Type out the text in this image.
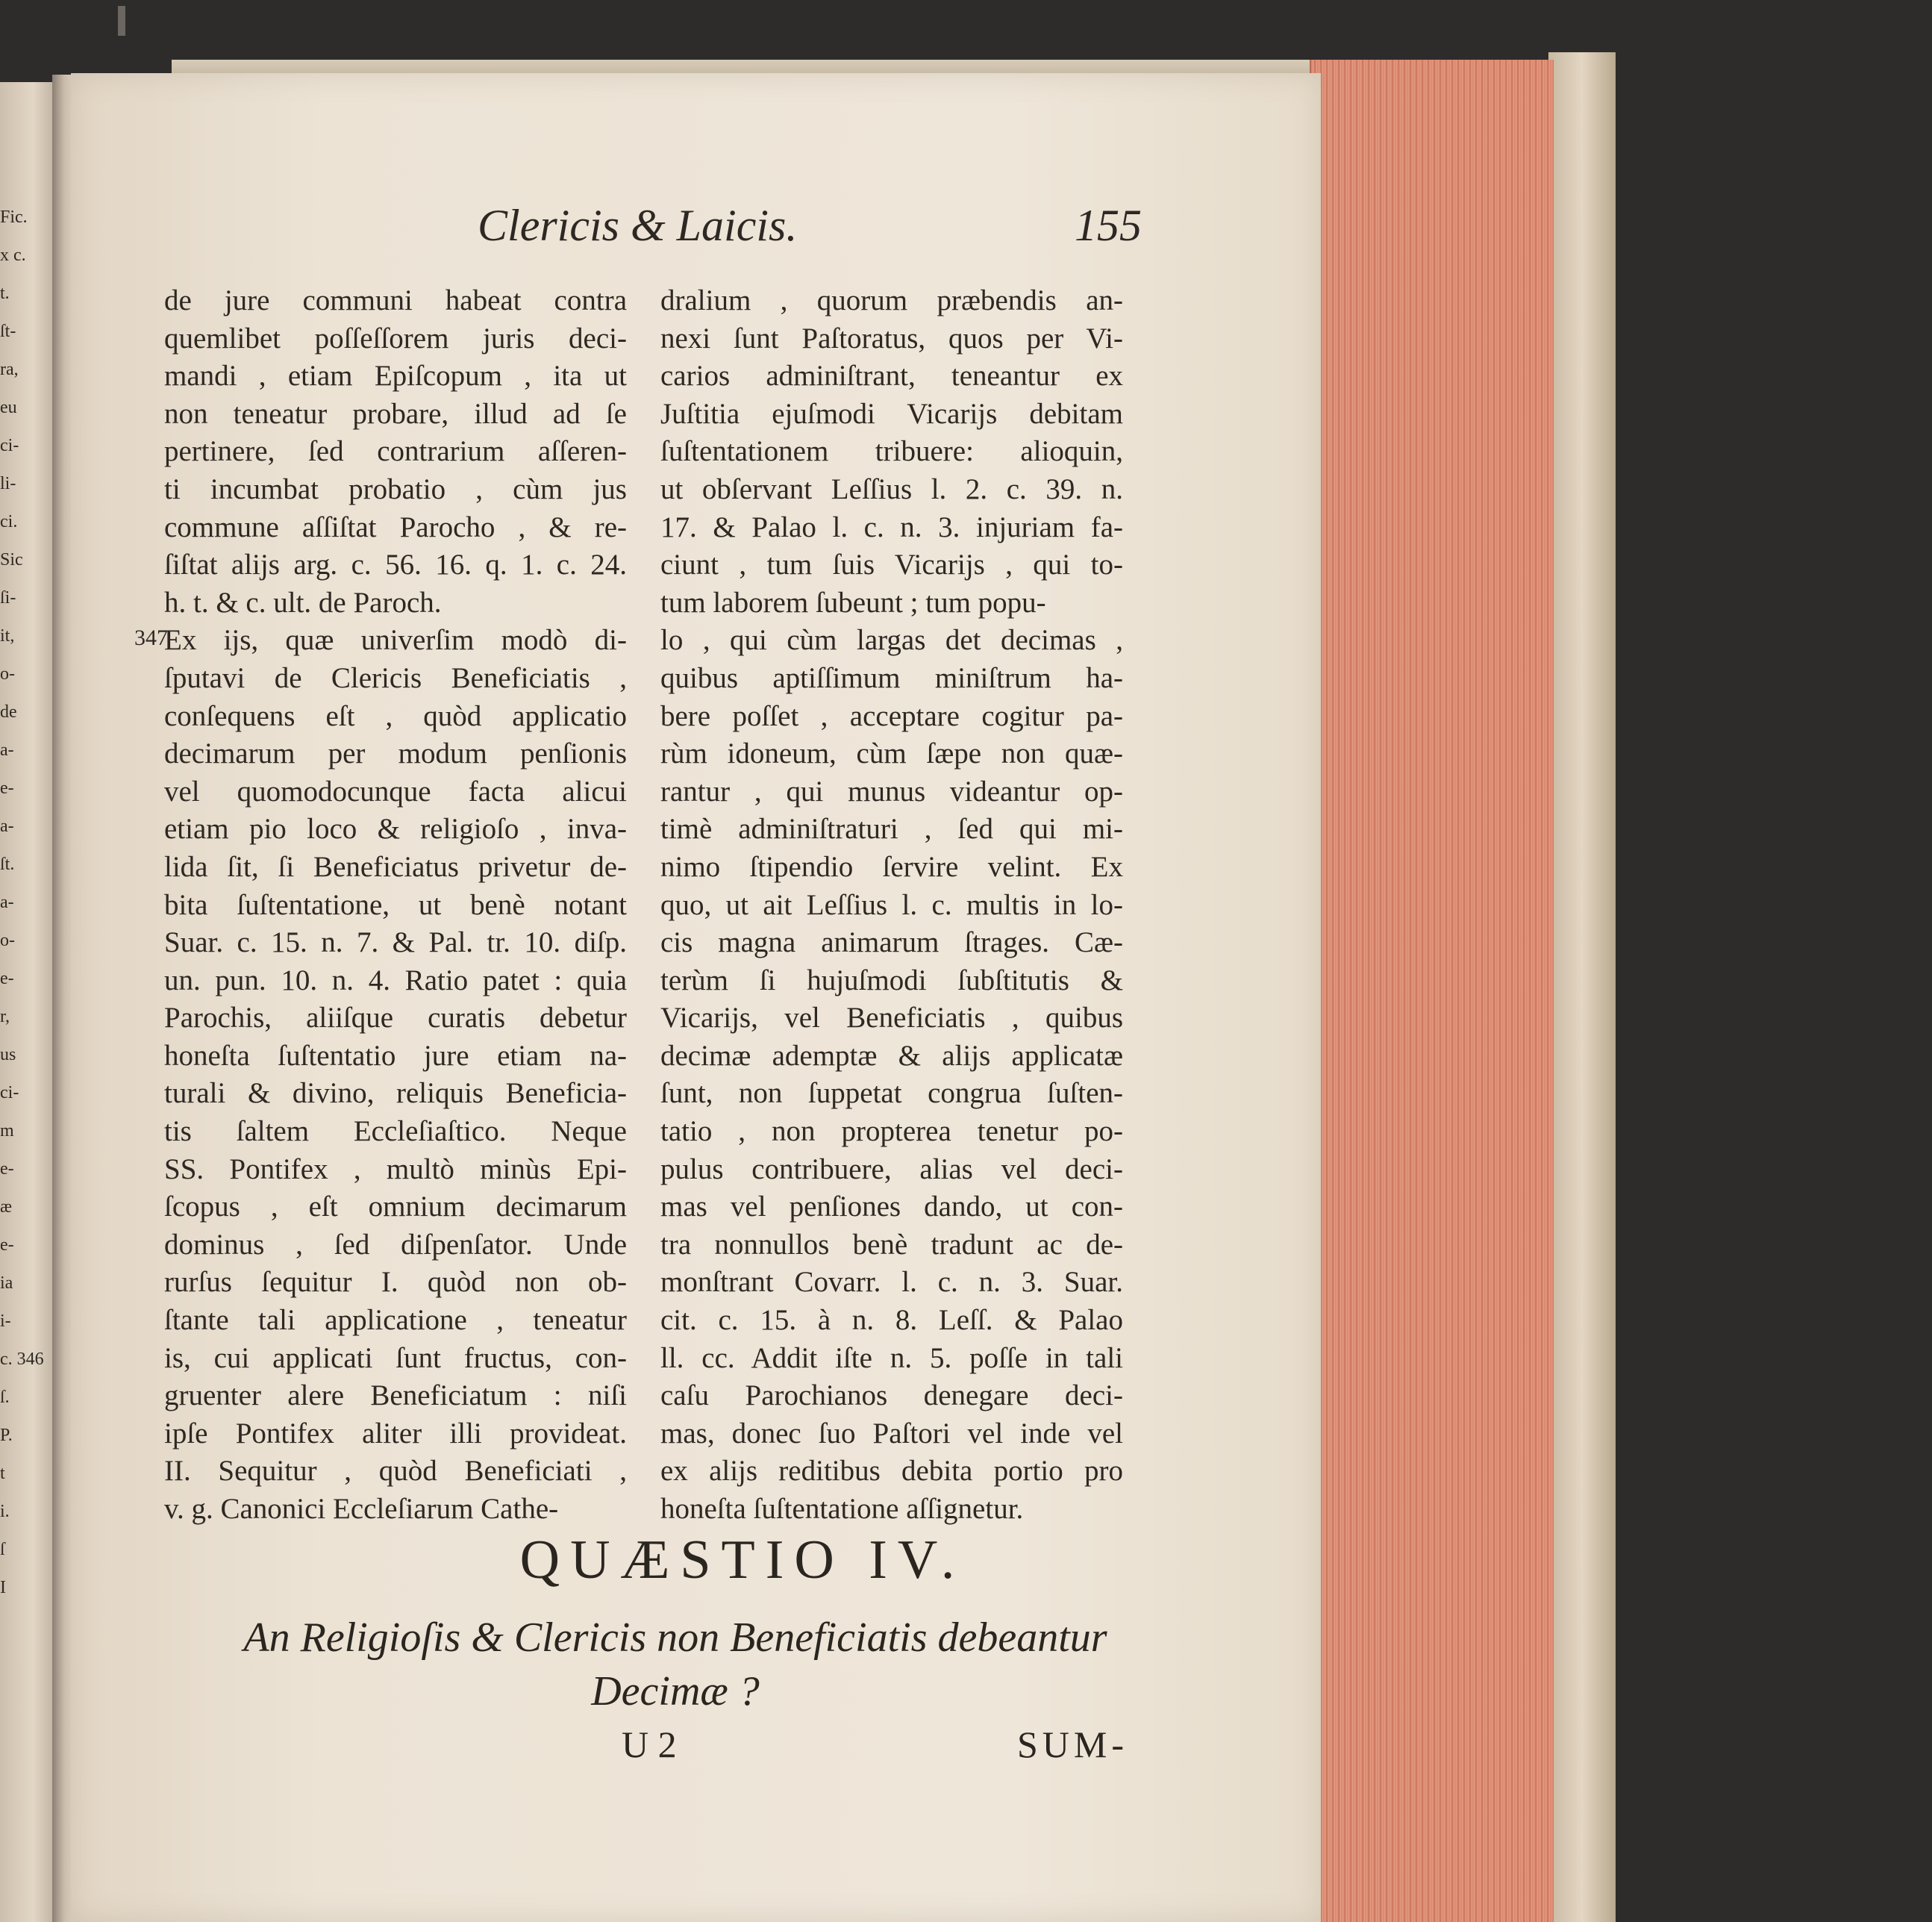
Fic.
x c.
t.
ſt-
ra,
eu
ci-
li-
ci.
Sic
ſi-
it,
o-
de
a-
e-
a-
ſt.
a-
o-
e-
r,
us
ci-
m
e-
æ
e-
ia
i-
c. 346
ſ.
P.
t
i.
ſ
I
Clericis & Laicis.	155
347
de jure communi habeat contra
quemlibet poſſeſſorem juris deci-
mandi , etiam Epiſcopum , ita ut
non teneatur probare, illud ad ſe
pertinere, ſed contrarium aſſeren-
ti incumbat probatio , cùm jus
commune aſſiſtat Parocho , & re-
ſiſtat alijs arg. c. 56. 16. q. 1. c. 24.
h. t. & c. ult. de Paroch.
Ex ijs, quæ univerſim modò di-
ſputavi de Clericis Beneficiatis ,
conſequens eſt , quòd applicatio
decimarum per modum penſionis
vel quomodocunque facta alicui
etiam pio loco & religioſo , inva-
lida ſit, ſi Beneficiatus privetur de-
bita ſuſtentatione, ut benè notant
Suar. c. 15. n. 7. & Pal. tr. 10. diſp.
un. pun. 10. n. 4. Ratio patet : quia
Parochis, aliiſque curatis debetur
honeſta ſuſtentatio jure etiam na-
turali & divino, reliquis Beneficia-
tis ſaltem Eccleſiaſtico. Neque
SS. Pontifex , multò minùs Epi-
ſcopus , eſt omnium decimarum
dominus , ſed diſpenſator. Unde
rurſus ſequitur I. quòd non ob-
ſtante tali applicatione , teneatur
is, cui applicati ſunt fructus, con-
gruenter alere Beneficiatum : niſi
ipſe Pontifex aliter illi provideat.
II. Sequitur , quòd Beneficiati ,
v. g. Canonici Eccleſiarum Cathe-
dralium , quorum præbendis an-
nexi ſunt Paſtoratus, quos per Vi-
carios adminiſtrant, teneantur ex
Juſtitia ejuſmodi Vicarijs debitam
ſuſtentationem tribuere: alioquin,
ut obſervant Leſſius l. 2. c. 39. n.
17. & Palao l. c. n. 3. injuriam fa-
ciunt , tum ſuis Vicarijs , qui to-
tum laborem ſubeunt ; tum popu-
lo , qui cùm largas det decimas ,
quibus aptiſſimum miniſtrum ha-
bere poſſet , acceptare cogitur pa-
rùm idoneum, cùm ſæpe non quæ-
rantur , qui munus videantur op-
timè adminiſtraturi , ſed qui mi-
nimo ſtipendio ſervire velint. Ex
quo, ut ait Leſſius l. c. multis in lo-
cis magna animarum ſtrages. Cæ-
terùm ſi hujuſmodi ſubſtitutis &
Vicarijs, vel Beneficiatis , quibus
decimæ ademptæ & alijs applicatæ
ſunt, non ſuppetat congrua ſuſten-
tatio , non propterea tenetur po-
pulus contribuere, alias vel deci-
mas vel penſiones dando, ut con-
tra nonnullos benè tradunt ac de-
monſtrant Covarr. l. c. n. 3. Suar.
cit. c. 15. à n. 8. Leſſ. & Palao
ll. cc. Addit iſte n. 5. poſſe in tali
caſu Parochianos denegare deci-
mas, donec ſuo Paſtori vel inde vel
ex alijs reditibus debita portio pro
honeſta ſuſtentatione aſſignetur.
QUÆSTIO IV.
An Religioſis & Clericis non Beneficiatis debeantur Decimæ ?
U 2	SUM-
